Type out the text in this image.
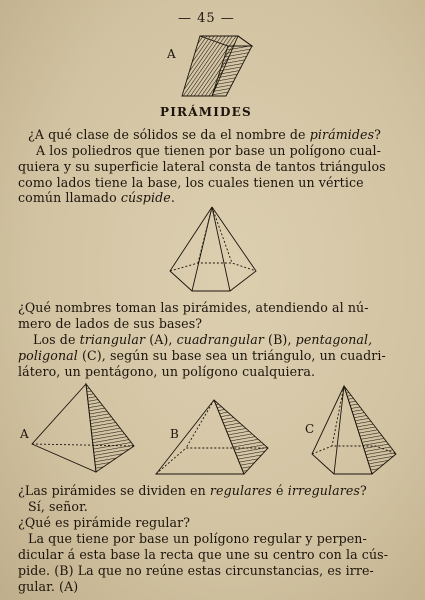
— 45 —
A
PIRÁMIDES
¿A qué clase de sólidos se da el nombre de pirámides?
A los poliedros que tienen por base un polígono cual-
quiera y su superficie lateral consta de tantos triángulos
como lados tiene la base, los cuales tienen un vértice
común llamado cúspide.
¿Qué nombres toman las pirámides, atendiendo al nú-
mero de lados de sus bases?
Los de triangular (A), cuadrangular (B), pentagonal,
poligonal (C), según su base sea un triángulo, un cuadri-
látero, un pentágono, un polígono cualquiera.
A	B	C
¿Las pirámides se dividen en regulares é irregulares?
Sí, señor.
¿Qué es pirámide regular?
La que tiene por base un polígono regular y perpen-
dicular á esta base la recta que une su centro con la cús-
pide. (B) La que no reúne estas circunstancias, es irre-
gular. (A)
